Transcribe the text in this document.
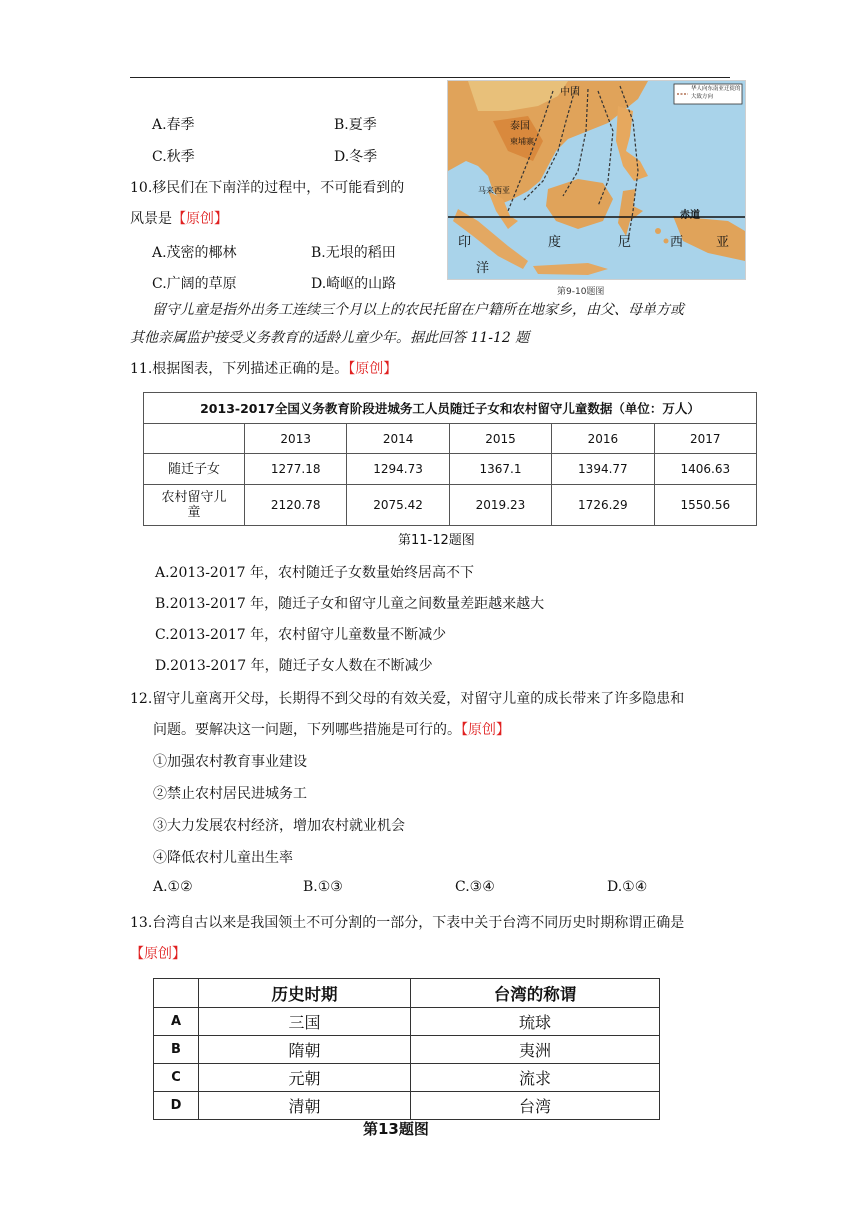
A.春季	B.夏季
C.秋季	D.冬季
10.移民们在下南洋的过程中，不可能看到的
风景是【原创】
A.茂密的椰林	B.无垠的稻田
C.广阔的草原	D.崎岖的山路
华人向东南亚迁徙的大致方向
中国
泰国
柬埔寨
马来西亚
赤道
印	度	尼	西	亚
洋
第9-10题图
留守儿童是指外出务工连续三个月以上的农民托留在户籍所在地家乡，由父、母单方或
其他亲属监护接受义务教育的适龄儿童少年。据此回答 11-12 题
11.根据图表，下列描述正确的是。【原创】
2013-2017全国义务教育阶段进城务工人员随迁子女和农村留守儿童数据（单位：万人）					
	2013	2014	2015	2016	2017
随迁子女	1277.18	1294.73	1367.1	1394.77	1406.63
农村留守儿
童	2120.78	2075.42	2019.23	1726.29	1550.56
第11-12题图
A.2013-2017 年，农村随迁子女数量始终居高不下
B.2013-2017 年，随迁子女和留守儿童之间数量差距越来越大
C.2013-2017 年，农村留守儿童数量不断减少
D.2013-2017 年，随迁子女人数在不断减少
12.留守儿童离开父母，长期得不到父母的有效关爱，对留守儿童的成长带来了许多隐患和
问题。要解决这一问题，下列哪些措施是可行的。【原创】
①加强农村教育事业建设
②禁止农村居民进城务工
③大力发展农村经济，增加农村就业机会
④降低农村儿童出生率
A.①②	B.①③	C.③④	D.①④
13.台湾自古以来是我国领土不可分割的一部分，下表中关于台湾不同历史时期称谓正确是
【原创】
	历史时期	台湾的称谓
A	三国	琉球
B	隋朝	夷洲
C	元朝	流求
D	清朝	台湾
第13题图
